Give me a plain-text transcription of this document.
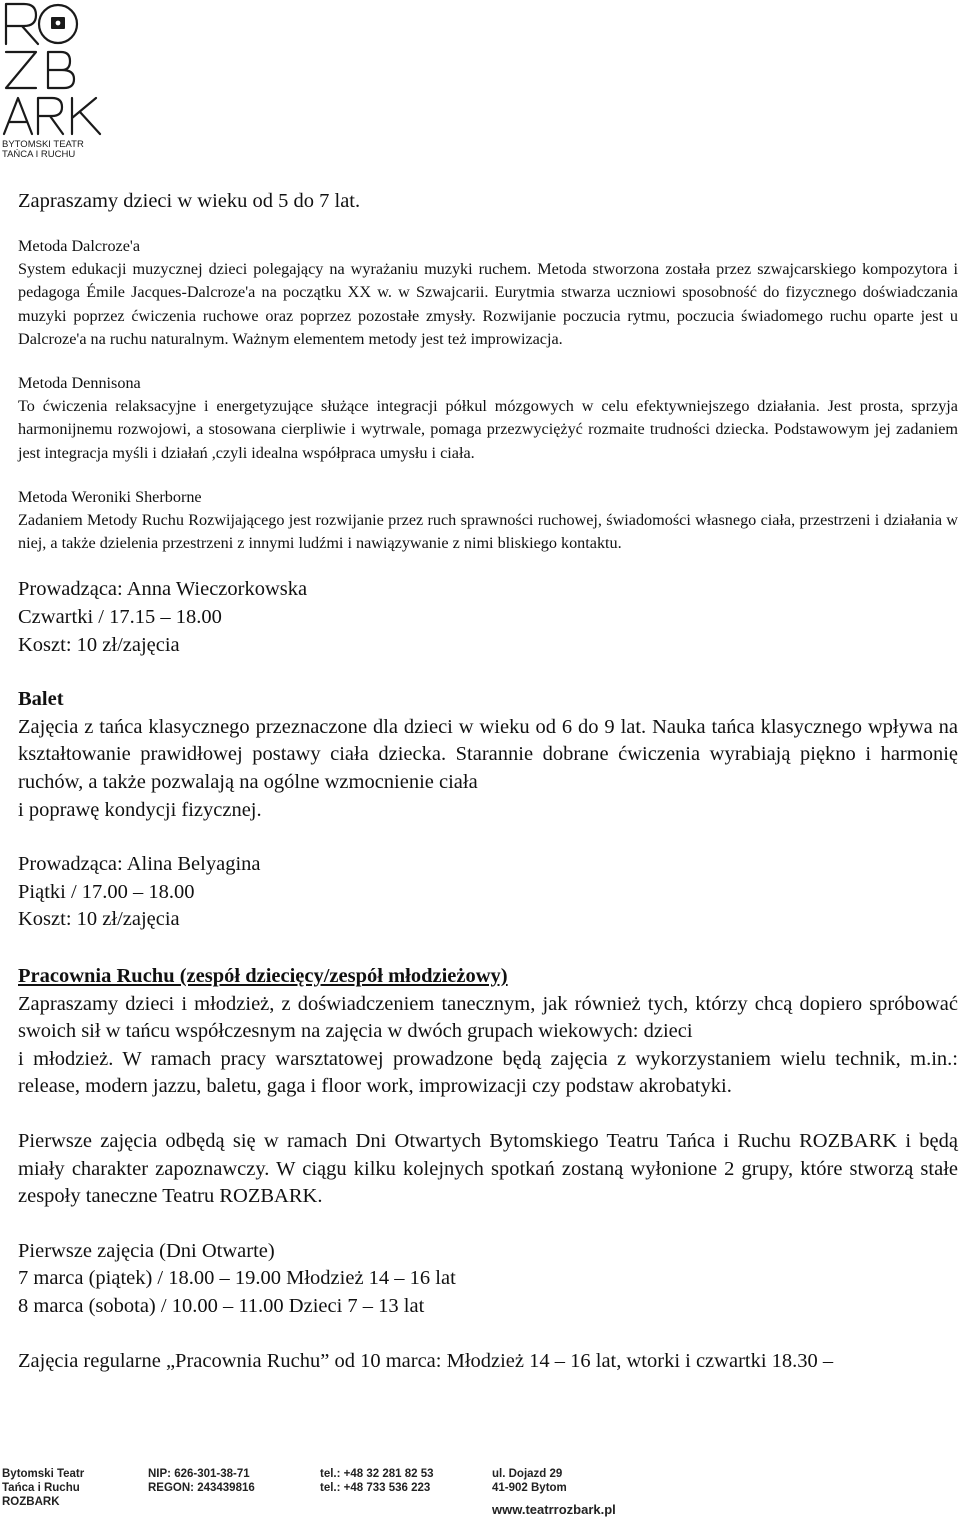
BYTOMSKI TEATR
TAŃCA I RUCHU
Zapraszamy dzieci w wieku od 5 do 7 lat.

Metoda Dalcroze'a

System edukacji muzycznej dzieci polegający na wyrażaniu muzyki ruchem. Metoda stworzona została przez szwajcarskiego kompozytora i pedagoga Émile Jacques-Dalcroze'a na początku XX w. w Szwajcarii. Eurytmia stwarza uczniowi sposobność do fizycznego doświadczania muzyki poprzez ćwiczenia ruchowe oraz poprzez pozostałe zmysły. Rozwijanie poczucia rytmu, poczucia świadomego ruchu oparte jest u Dalcroze'a na ruchu naturalnym. Ważnym elementem metody jest też improwizacja.

Metoda Dennisona

To ćwiczenia relaksacyjne i energetyzujące służące integracji półkul mózgowych w celu efektywniejszego działania. Jest prosta, sprzyja harmonijnemu rozwojowi, a stosowana cierpliwie i wytrwale, pomaga przezwyciężyć rozmaite trudności dziecka. Podstawowym jej zadaniem jest integracja myśli i działań ,czyli idealna współpraca umysłu i ciała.

Metoda Weroniki Sherborne

Zadaniem Metody Ruchu Rozwijającego jest rozwijanie przez ruch sprawności ruchowej, świadomości własnego ciała, przestrzeni i działania w niej, a także dzielenia przestrzeni z innymi ludźmi i nawiązywanie z nimi bliskiego kontaktu.

Prowadząca: Anna Wieczorkowska

Czwartki / 17.15 – 18.00

Koszt: 10 zł/zajęcia

Balet

Zajęcia z tańca klasycznego przeznaczone dla dzieci w wieku od 6 do 9 lat. Nauka tańca klasycznego wpływa na kształtowanie prawidłowej postawy ciała dziecka. Starannie dobrane ćwiczenia wyrabiają piękno i harmonię ruchów, a także pozwalają na ogólne wzmocnienie ciała

i poprawę kondycji fizycznej.

Prowadząca: Alina Belyagina

Piątki / 17.00 – 18.00

Koszt: 10 zł/zajęcia

Pracownia Ruchu (zespół dziecięcy/zespół młodzieżowy)

Zapraszamy dzieci i młodzież, z doświadczeniem tanecznym, jak również tych, którzy chcą dopiero spróbować swoich sił w tańcu współczesnym na zajęcia w dwóch grupach wiekowych: dzieci

i młodzież. W ramach pracy warsztatowej prowadzone będą zajęcia z wykorzystaniem wielu technik, m.in.: release, modern jazzu, baletu, gaga i floor work, improwizacji czy podstaw akrobatyki.

Pierwsze zajęcia odbędą się w ramach Dni Otwartych Bytomskiego Teatru Tańca i Ruchu ROZBARK i będą miały charakter zapoznawczy. W ciągu kilku kolejnych spotkań zostaną wyłonione 2 grupy, które stworzą stałe zespoły taneczne Teatru ROZBARK.

Pierwsze zajęcia (Dni Otwarte)

7 marca (piątek) / 18.00 – 19.00 Młodzież 14 – 16 lat

8 marca (sobota) / 10.00 – 11.00 Dzieci 7 – 13 lat

Zajęcia regularne „Pracownia Ruchu” od 10 marca: Młodzież 14 – 16 lat, wtorki i czwartki 18.30 –
Bytomski Teatr
Tańca i Ruchu
ROZBARK
NIP: 626-301-38-71
REGON: 243439816
tel.: +48 32 281 82 53
tel.: +48 733 536 223
ul. Dojazd 29
41-902 Bytom
www.teatrrozbark.pl
